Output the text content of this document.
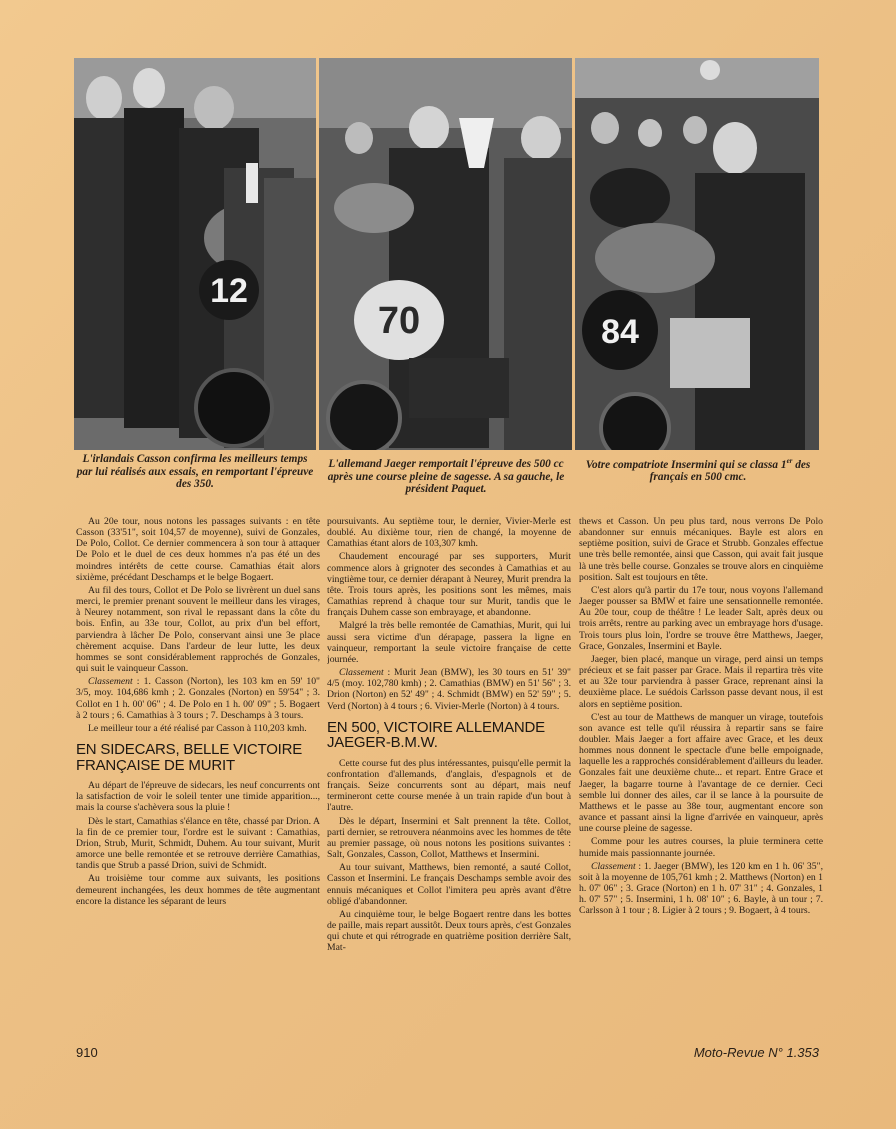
12
70	84
L'irlandais Casson confirma les meilleurs temps par lui réalisés aux essais, en remportant l'épreuve des 350.
L'allemand Jaeger remportait l'épreuve des 500 cc après une course pleine de sagesse. A sa gauche, le président Paquet.
Votre compatriote Insermini qui se classa 1er des français en 500 cmc.

Au 20e tour, nous notons les passages suivants : en tête Casson (33'51", soit 104,57 de moyenne), suivi de Gonzales, De Polo, Collot. Ce dernier commencera à son tour à attaquer De Polo et le duel de ces deux hommes n'a pas été un des moindres intérêts de cette course. Camathias était alors sixième, précédant Deschamps et le belge Bogaert.

Au fil des tours, Collot et De Polo se livrèrent un duel sans merci, le premier prenant souvent le meilleur dans les virages, à Neurey notamment, son rival le repassant dans la côte du bois. Enfin, au 33e tour, Collot, au prix d'un bel effort, parviendra à lâcher De Polo, conservant ainsi une 3e place chèrement acquise. Dans l'ardeur de leur lutte, les deux hommes se sont considérablement rapprochés de Gonzales, qui suit le vainqueur Casson.

Classement : 1. Casson (Norton), les 103 km en 59' 10" 3/5, moy. 104,686 kmh ; 2. Gonzales (Norton) en 59'54" ; 3. Collot en 1 h. 00' 06" ; 4. De Polo en 1 h. 00' 09" ; 5. Bogaert à 2 tours ; 6. Camathias à 3 tours ; 7. Deschamps à 3 tours.

Le meilleur tour a été réalisé par Casson à 110,203 kmh.

EN SIDECARS, BELLE VICTOIRE FRANÇAISE DE MURIT

Au départ de l'épreuve de sidecars, les neuf concurrents ont la satisfaction de voir le soleil tenter une timide apparition..., mais la course s'achèvera sous la pluie !

Dès le start, Camathias s'élance en tête, chassé par Drion. A la fin de ce premier tour, l'ordre est le suivant : Camathias, Drion, Strub, Murit, Schmidt, Duhem. Au tour suivant, Murit amorce une belle remontée et se retrouve derrière Camathias, tandis que Strub a passé Drion, suivi de Schmidt.

Au troisième tour comme aux suivants, les positions demeurent inchangées, les deux hommes de tête augmentant encore la distance les séparant de leurs

poursuivants. Au septième tour, le dernier, Vivier-Merle est doublé. Au dixième tour, rien de changé, la moyenne de Camathias étant alors de 103,307 kmh.

Chaudement encouragé par ses supporters, Murit commence alors à grignoter des secondes à Camathias et au vingtième tour, ce dernier dérapant à Neurey, Murit prendra la tête. Trois tours après, les positions sont les mêmes, mais Camathias reprend à chaque tour sur Murit, tandis que le français Duhem casse son embrayage, et abandonne.

Malgré la très belle remontée de Camathias, Murit, qui lui aussi sera victime d'un dérapage, passera la ligne en vainqueur, remportant la seule victoire française de cette journée.

Classement : Murit Jean (BMW), les 30 tours en 51' 39" 4/5 (moy. 102,780 kmh) ; 2. Camathias (BMW) en 51' 56" ; 3. Drion (Norton) en 52' 49" ; 4. Schmidt (BMW) en 52' 59" ; 5. Verd (Norton) à 4 tours ; 6. Vivier-Merle (Norton) à 4 tours.

EN 500, VICTOIRE ALLEMANDE JAEGER-B.M.W.

Cette course fut des plus intéressantes, puisqu'elle permit la confrontation d'allemands, d'anglais, d'espagnols et de français. Seize concurrents sont au départ, mais neuf termineront cette course menée à un train rapide d'un bout à l'autre.

Dès le départ, Insermini et Salt prennent la tête. Collot, parti dernier, se retrouvera néanmoins avec les hommes de tête au premier passage, où nous notons les positions suivantes : Salt, Gonzales, Casson, Collot, Matthews et Insermini.

Au tour suivant, Matthews, bien remonté, a sauté Collot, Casson et Insermini. Le français Deschamps semble avoir des ennuis mécaniques et Collot l'imitera peu après avant d'être obligé d'abandonner.

Au cinquième tour, le belge Bogaert rentre dans les bottes de paille, mais repart aussitôt. Deux tours après, c'est Gonzales qui chute et qui rétrograde en quatrième position derrière Salt, Mat-

thews et Casson. Un peu plus tard, nous verrons De Polo abandonner sur ennuis mécaniques. Bayle est alors en septième position, suivi de Grace et Strubb. Gonzales effectue une très belle remontée, ainsi que Casson, qui avait fait jusque là une très belle course. Gonzales se trouve alors en cinquième position. Salt est toujours en tête.

C'est alors qu'à partir du 17e tour, nous voyons l'allemand Jaeger pousser sa BMW et faire une sensationnelle remontée. Au 20e tour, coup de théâtre ! Le leader Salt, après deux ou trois arrêts, rentre au parking avec un embrayage hors d'usage. Trois tours plus loin, l'ordre se trouve être Matthews, Jaeger, Grace, Gonzales, Insermini et Bayle.

Jaeger, bien placé, manque un virage, perd ainsi un temps précieux et se fait passer par Grace. Mais il repartira très vite et au 32e tour parviendra à passer Grace, reprenant ainsi la deuxième place. Le suédois Carlsson passe devant nous, il est alors en septième position.

C'est au tour de Matthews de manquer un virage, toutefois son avance est telle qu'il réussira à repartir sans se faire doubler. Mais Jaeger a fort affaire avec Grace, et les deux hommes nous donnent le spectacle d'une belle empoignade, laquelle les a rapprochés considérablement d'ailleurs du leader. Gonzales fait une deuxième chute... et repart. Entre Grace et Jaeger, la bagarre tourne à l'avantage de ce dernier. Ceci semble lui donner des ailes, car il se lance à la poursuite de Matthews et le passe au 38e tour, augmentant encore son avance et passant ainsi la ligne d'arrivée en vainqueur, après une course pleine de sagesse.

Comme pour les autres courses, la pluie terminera cette humide mais passionnante journée.

Classement : 1. Jaeger (BMW), les 120 km en 1 h. 06' 35", soit à la moyenne de 105,761 kmh ; 2. Matthews (Norton) en 1 h. 07' 06" ; 3. Grace (Norton) en 1 h. 07' 31" ; 4. Gonzales, 1 h. 07' 57" ; 5. Insermini, 1 h. 08' 10" ; 6. Bayle, à un tour ; 7. Carlsson à 1 tour ; 8. Ligier à 2 tours ; 9. Bogaert, à 4 tours.

910	Moto-Revue N° 1.353
